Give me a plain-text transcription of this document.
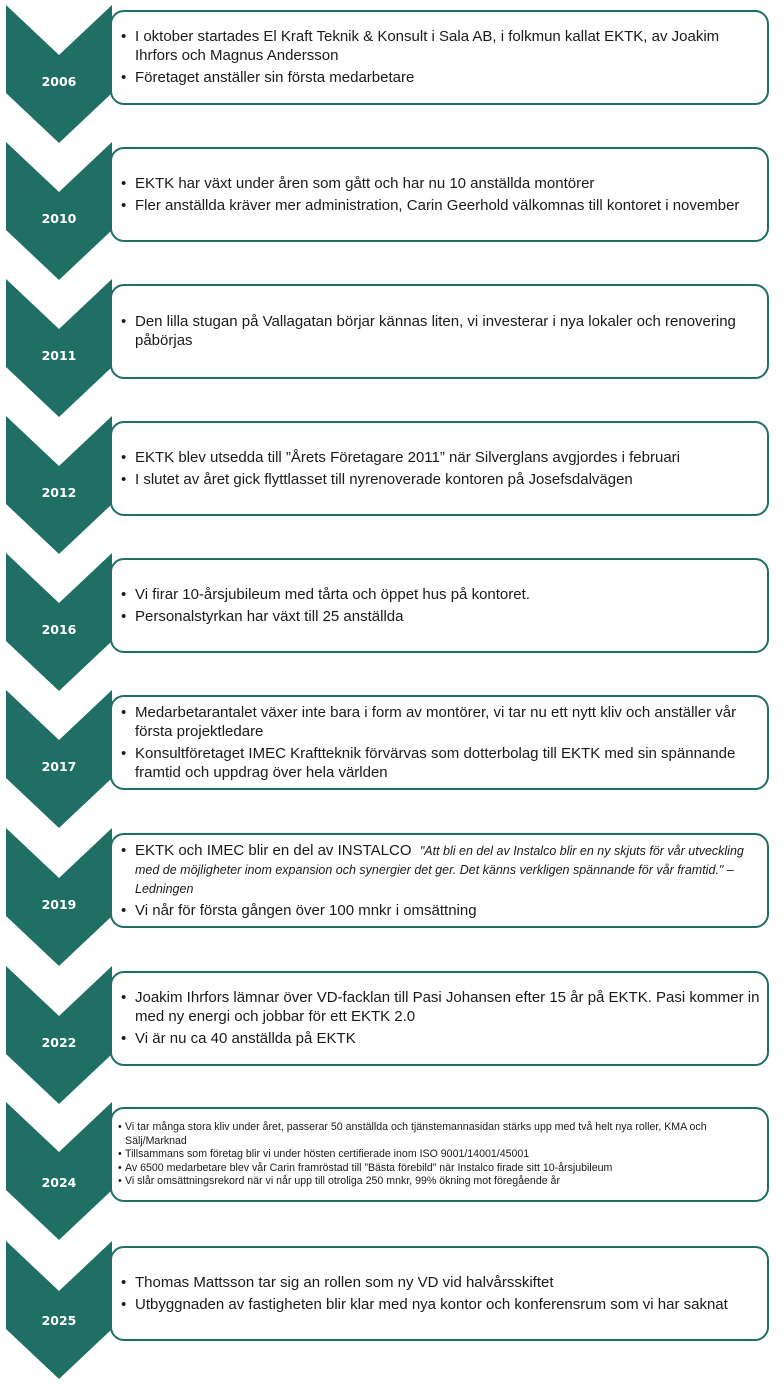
2006
• I oktober startades El Kraft Teknik & Konsult i Sala AB, i folkmun kallat EKTK, av Joakim Ihrfors och Magnus Andersson
• Företaget anställer sin första medarbetare
2010
• EKTK har växt under åren som gått och har nu 10 anställda montörer
• Fler anställda kräver mer administration, Carin Geerhold välkomnas till kontoret i november
2011
• Den lilla stugan på Vallagatan börjar kännas liten, vi investerar i nya lokaler och renovering påbörjas
2012
• EKTK blev utsedda till ”Årets Företagare 2011” när Silverglans avgjordes i februari
• I slutet av året gick flyttlasset till nyrenoverade kontoren på Josefsdalvägen
2016
• Vi firar 10-årsjubileum med tårta och öppet hus på kontoret.
• Personalstyrkan har växt till 25 anställda
2017
• Medarbetarantalet växer inte bara i form av montörer, vi tar nu ett nytt kliv och anställer vår första projektledare
• Konsultföretaget IMEC Kraftteknik förvärvas som dotterbolag till EKTK med sin spännande framtid och uppdrag över hela världen
2019
• EKTK och IMEC blir en del av INSTALCO "Att bli en del av Instalco blir en ny skjuts för vår utveckling med de möjligheter inom expansion och synergier det ger. Det känns verkligen spännande för vår framtid." – Ledningen
• Vi når för första gången över 100 mnkr i omsättning
2022
• Joakim Ihrfors lämnar över VD-facklan till Pasi Johansen efter 15 år på EKTK. Pasi kommer in med ny energi och jobbar för ett EKTK 2.0
• Vi är nu ca 40 anställda på EKTK
2024
• Vi tar många stora kliv under året, passerar 50 anställda och tjänstemannasidan stärks upp med två helt nya roller, KMA och Sälj/Marknad
• Tillsammans som företag blir vi under hösten certifierade inom ISO 9001/14001/45001
• Av 6500 medarbetare blev vår Carin framröstad till ”Bästa förebild” när Instalco firade sitt 10-årsjubileum
• Vi slår omsättningsrekord när vi når upp till otroliga 250 mnkr, 99% ökning mot föregående år
2025
• Thomas Mattsson tar sig an rollen som ny VD vid halvårsskiftet
• Utbyggnaden av fastigheten blir klar med nya kontor och konferensrum som vi har saknat
